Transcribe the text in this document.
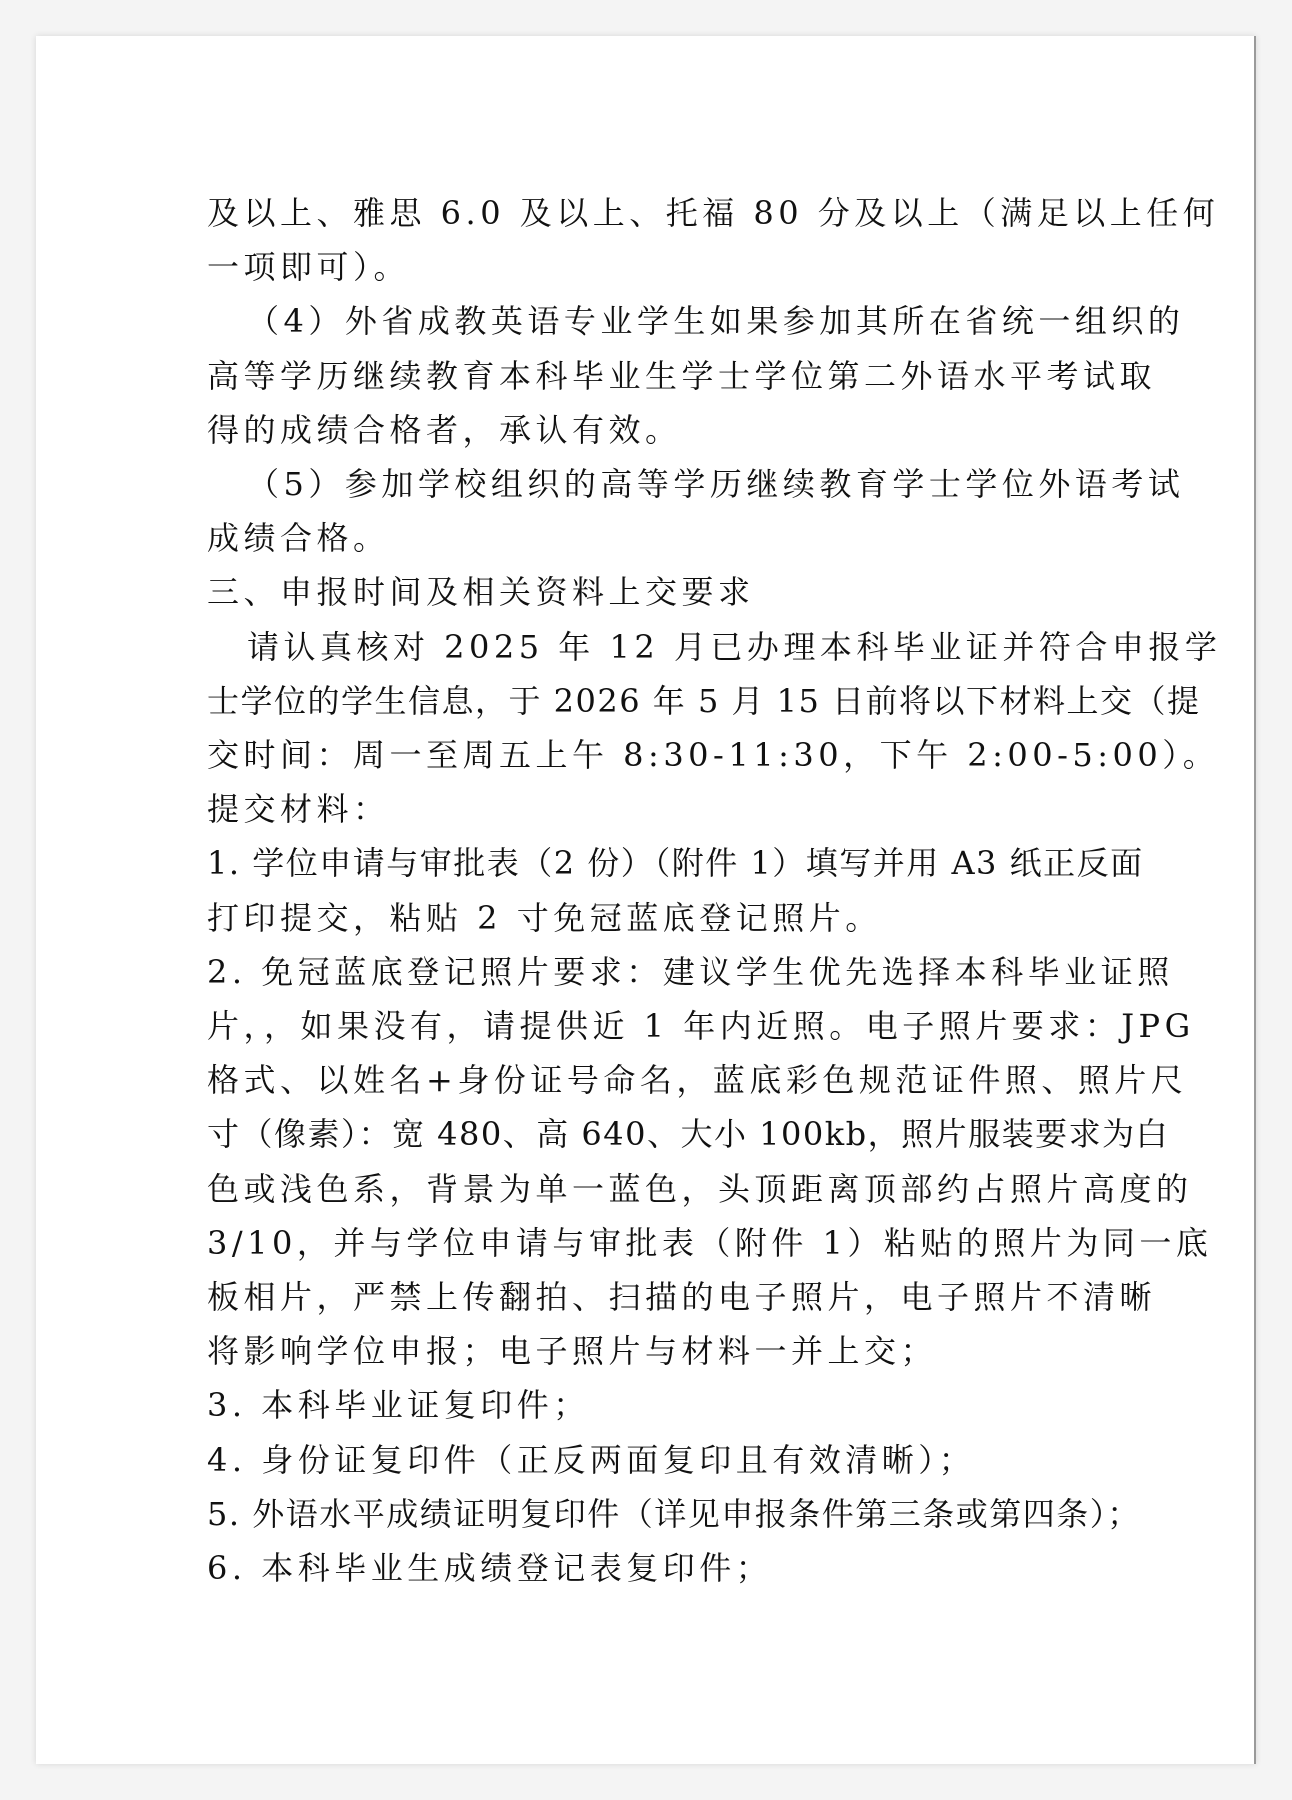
及以上、雅思 6.0 及以上、托福 80 分及以上（满足以上任何
一项即可）。
（4）外省成教英语专业学生如果参加其所在省统一组织的
高等学历继续教育本科毕业生学士学位第二外语水平考试取
得的成绩合格者，承认有效。
（5）参加学校组织的高等学历继续教育学士学位外语考试
成绩合格。
三、申报时间及相关资料上交要求
请认真核对 2025 年 12 月已办理本科毕业证并符合申报学
士学位的学生信息，于 2026 年 5 月 15 日前将以下材料上交（提
交时间：周一至周五上午 8:30-11:30，下午 2:00-5:00）。
提交材料：
1. 学位申请与审批表（2 份）（附件 1）填写并用 A3 纸正反面
打印提交，粘贴 2 寸免冠蓝底登记照片。
2. 免冠蓝底登记照片要求：建议学生优先选择本科毕业证照
片，，如果没有，请提供近 1 年内近照。电子照片要求：JPG
格式、以姓名+身份证号命名，蓝底彩色规范证件照、照片尺
寸（像素）：宽 480、高 640、大小 100kb，照片服装要求为白
色或浅色系，背景为单一蓝色，头顶距离顶部约占照片高度的
3/10，并与学位申请与审批表（附件 1）粘贴的照片为同一底
板相片，严禁上传翻拍、扫描的电子照片，电子照片不清晰
将影响学位申报；电子照片与材料一并上交；
3. 本科毕业证复印件；
4. 身份证复印件（正反两面复印且有效清晰）；
5. 外语水平成绩证明复印件（详见申报条件第三条或第四条）；
6. 本科毕业生成绩登记表复印件；
